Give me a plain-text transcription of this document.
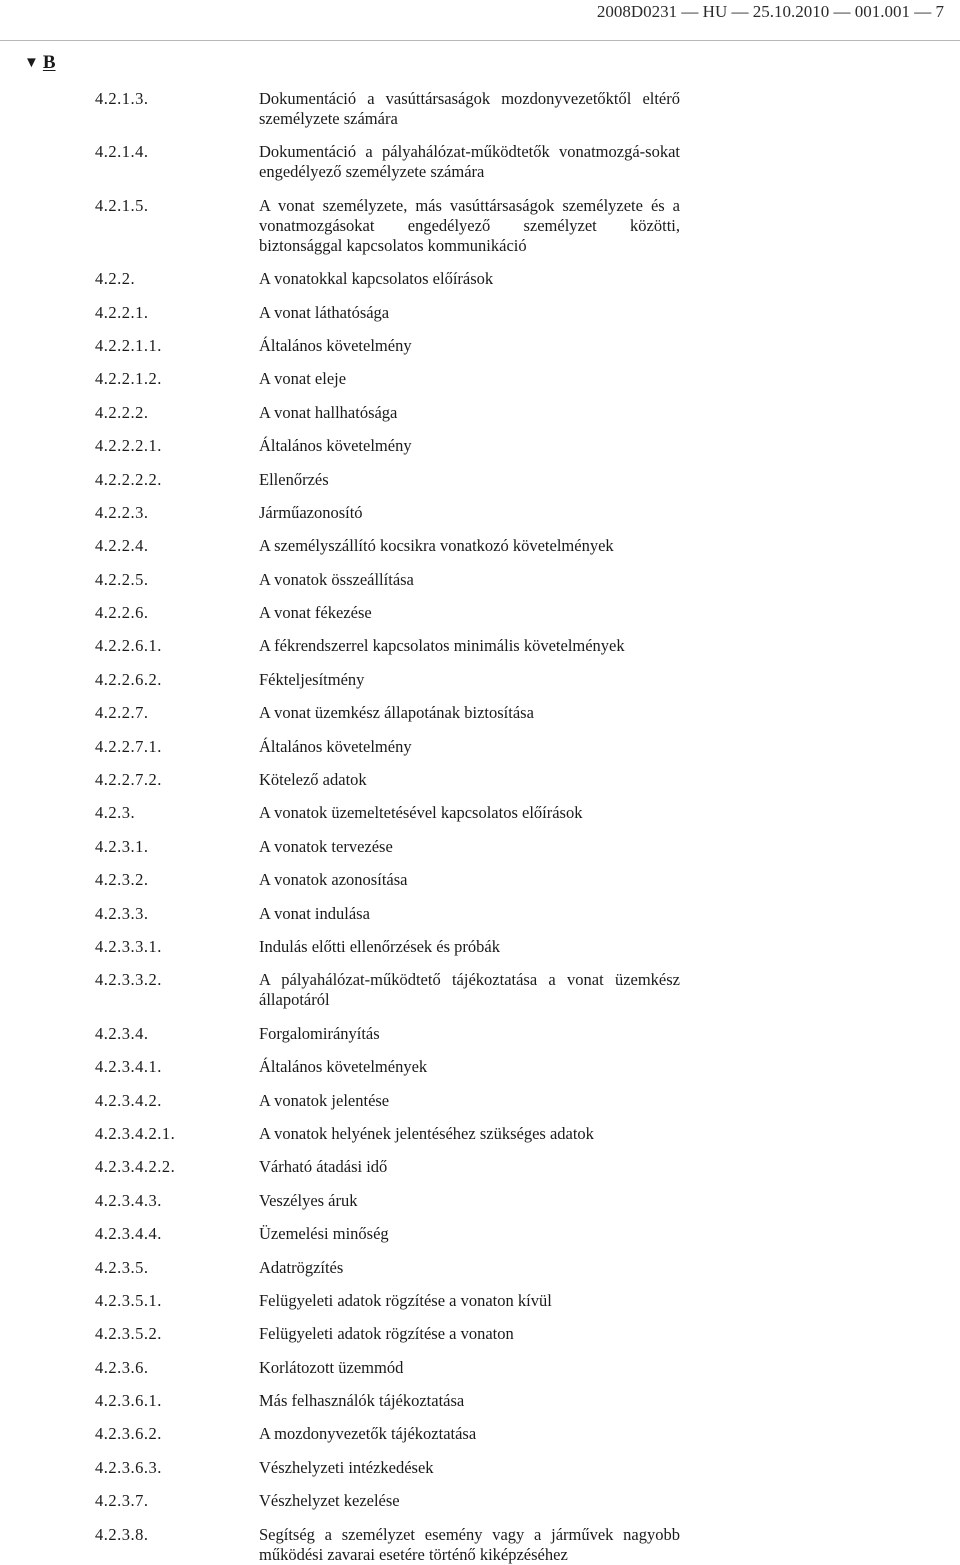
2008D0231 — HU — 25.10.2010 — 001.001 — 7
▼ B
4.2.1.3.	Dokumentáció a vasúttársaságok mozdonyvezetőktől eltérő személyzete számára
4.2.1.4.	Dokumentáció a pályahálózat-működtetők vonatmozgá-sokat engedélyező személyzete számára
4.2.1.5.	A vonat személyzete, más vasúttársaságok személyzete és a vonatmozgásokat engedélyező személyzet közötti, biztonsággal kapcsolatos kommunikáció
4.2.2.	A vonatokkal kapcsolatos előírások
4.2.2.1.	A vonat láthatósága
4.2.2.1.1.	Általános követelmény
4.2.2.1.2.	A vonat eleje
4.2.2.2.	A vonat hallhatósága
4.2.2.2.1.	Általános követelmény
4.2.2.2.2.	Ellenőrzés
4.2.2.3.	Járműazonosító
4.2.2.4.	A személyszállító kocsikra vonatkozó követelmények
4.2.2.5.	A vonatok összeállítása
4.2.2.6.	A vonat fékezése
4.2.2.6.1.	A fékrendszerrel kapcsolatos minimális követelmények
4.2.2.6.2.	Fékteljesítmény
4.2.2.7.	A vonat üzemkész állapotának biztosítása
4.2.2.7.1.	Általános követelmény
4.2.2.7.2.	Kötelező adatok
4.2.3.	A vonatok üzemeltetésével kapcsolatos előírások
4.2.3.1.	A vonatok tervezése
4.2.3.2.	A vonatok azonosítása
4.2.3.3.	A vonat indulása
4.2.3.3.1.	Indulás előtti ellenőrzések és próbák
4.2.3.3.2.	A pályahálózat-működtető tájékoztatása a vonat üzemkész állapotáról
4.2.3.4.	Forgalomirányítás
4.2.3.4.1.	Általános követelmények
4.2.3.4.2.	A vonatok jelentése
4.2.3.4.2.1.	A vonatok helyének jelentéséhez szükséges adatok
4.2.3.4.2.2.	Várható átadási idő
4.2.3.4.3.	Veszélyes áruk
4.2.3.4.4.	Üzemelési minőség
4.2.3.5.	Adatrögzítés
4.2.3.5.1.	Felügyeleti adatok rögzítése a vonaton kívül
4.2.3.5.2.	Felügyeleti adatok rögzítése a vonaton
4.2.3.6.	Korlátozott üzemmód
4.2.3.6.1.	Más felhasználók tájékoztatása
4.2.3.6.2.	A mozdonyvezetők tájékoztatása
4.2.3.6.3.	Vészhelyzeti intézkedések
4.2.3.7.	Vészhelyzet kezelése
4.2.3.8.	Segítség a személyzet esemény vagy a járművek nagyobb működési zavarai esetére történő kiképzéséhez
